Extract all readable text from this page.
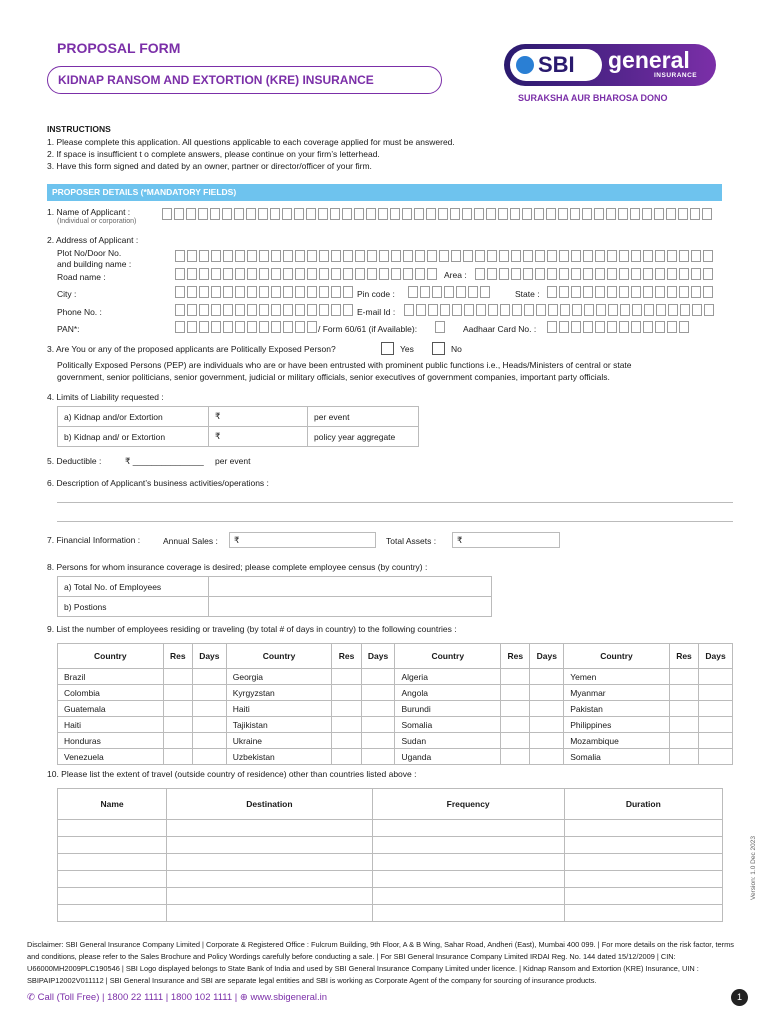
PROPOSAL FORM
KIDNAP RANSOM AND EXTORTION (KRE) INSURANCE
SBI general
INSURANCE
SURAKSHA AUR BHAROSA DONO
INSTRUCTIONS
1. Please complete this application. All questions applicable to each coverage applied for must be answered.
2. If space is insufficient t o complete answers, please continue on your firm’s letterhead.
3. Have this form signed and dated by an owner, partner or director/officer of your firm.
PROPOSER DETAILS (*MANDATORY FIELDS)
1. Name of Applicant :
(Individual or corporation)
2. Address of Applicant :
Plot No/Door No.
and building name :
Road name :	Area :
City :	Pin code :	State :
Phone No. :	E-mail Id :
PAN*:	/ Form 60/61 (if Available):	Aadhaar Card No. :
3. Are You or any of the proposed applicants are Politically Exposed Person?	Yes	No
Politically Exposed Persons (PEP) are individuals who are or have been entrusted with prominent public functions i.e., Heads/Ministers of central or state
government, senior politicians, senior government, judicial or military officials, senior executives of government companies, important party officials.
4. Limits of Liability requested :
a) Kidnap and/or Extortion	₹	per event
b) Kidnap and/ or Extortion	₹	policy year aggregate
5. Deductible :	₹ _______________ per event
6. Description of Applicant’s business activities/operations :
7. Financial Information :	Annual Sales :	₹	Total Assets :	₹
8. Persons for whom insurance coverage is desired; please complete employee census (by country) :
a) Total No. of Employees	
b) Postions	
9. List the number of employees residing or traveling (by total # of days in country) to the following countries :
Country	Res	Days	Country	Res	Days	Country	Res	Days	Country	Res	Days
Brazil			Georgia			Algeria			Yemen		
Colombia			Kyrgyzstan			Angola			Myanmar		
Guatemala			Haiti			Burundi			Pakistan		
Haiti			Tajikistan			Somalia			Philippines		
Honduras			Ukraine			Sudan			Mozambique		
Venezuela			Uzbekistan			Uganda			Somalia		
10. Please list the extent of travel (outside country of residence) other than countries listed above :
Name	Destination	Frequency	Duration

Version: 1.0 Dec 2023
Disclaimer: SBI General Insurance Company Limited | Corporate & Registered Office : Fulcrum Building, 9th Floor, A & B Wing, Sahar Road, Andheri (East), Mumbai 400 099. | For more details on the risk factor, terms and conditions, please refer to the Sales Brochure and Policy Wordings carefully before conducting a sale. | For SBI General Insurance Company Limited IRDAI Reg. No. 144 dated 15/12/2009 | CIN: U66000MH2009PLC190546 | SBI Logo displayed belongs to State Bank of India and used by SBI General Insurance Company Limited under licence. | Kidnap Ransom and Extortion (KRE) Insurance, UIN : SBIPAIP12002V011112 | SBI General Insurance and SBI are separate legal entities and SBI is working as Corporate Agent of the company for sourcing of insurance products.
✆ Call (Toll Free) | 1800 22 1111 | 1800 102 1111 | ⊕ www.sbigeneral.in	1
